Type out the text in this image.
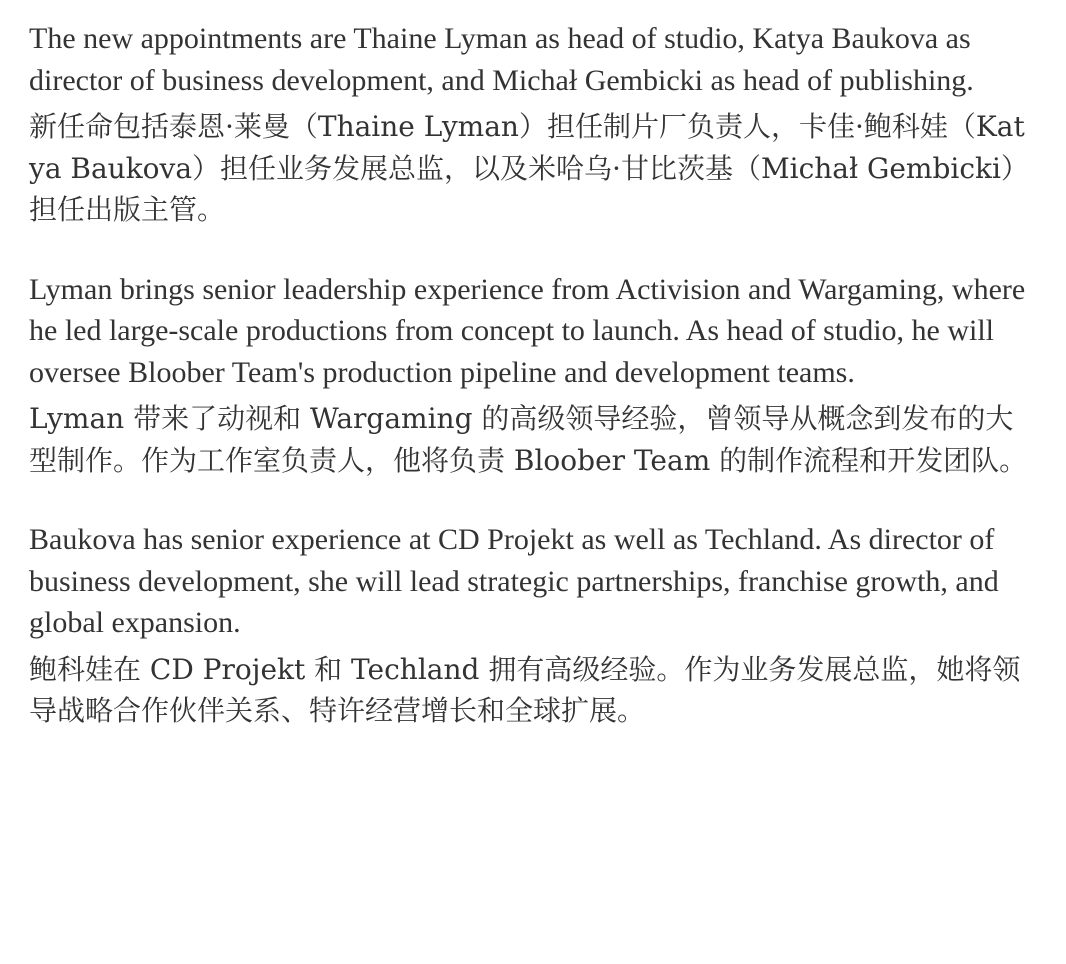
The new appointments are Thaine Lyman as head of studio, Katya Baukova as director of business development, and Michał Gembicki as head of publishing.

新任命包括泰恩·莱曼（Thaine Lyman）担任制片厂负责人，卡佳·鲍科娃（Katya Baukova）担任业务发展总监，以及米哈乌·甘比茨基（Michał Gembicki）担任出版主管。

Lyman brings senior leadership experience from Activision and Wargaming, where he led large-scale productions from concept to launch. As head of studio, he will oversee Bloober Team's production pipeline and development teams.

Lyman 带来了动视和 Wargaming 的高级领导经验，曾领导从概念到发布的大型制作。作为工作室负责人，他将负责 Bloober Team 的制作流程和开发团队。

Baukova has senior experience at CD Projekt as well as Techland. As director of business development, she will lead strategic partnerships, franchise growth, and global expansion.

鲍科娃在 CD Projekt 和 Techland 拥有高级经验。作为业务发展总监，她将领导战略合作伙伴关系、特许经营增长和全球扩展。
